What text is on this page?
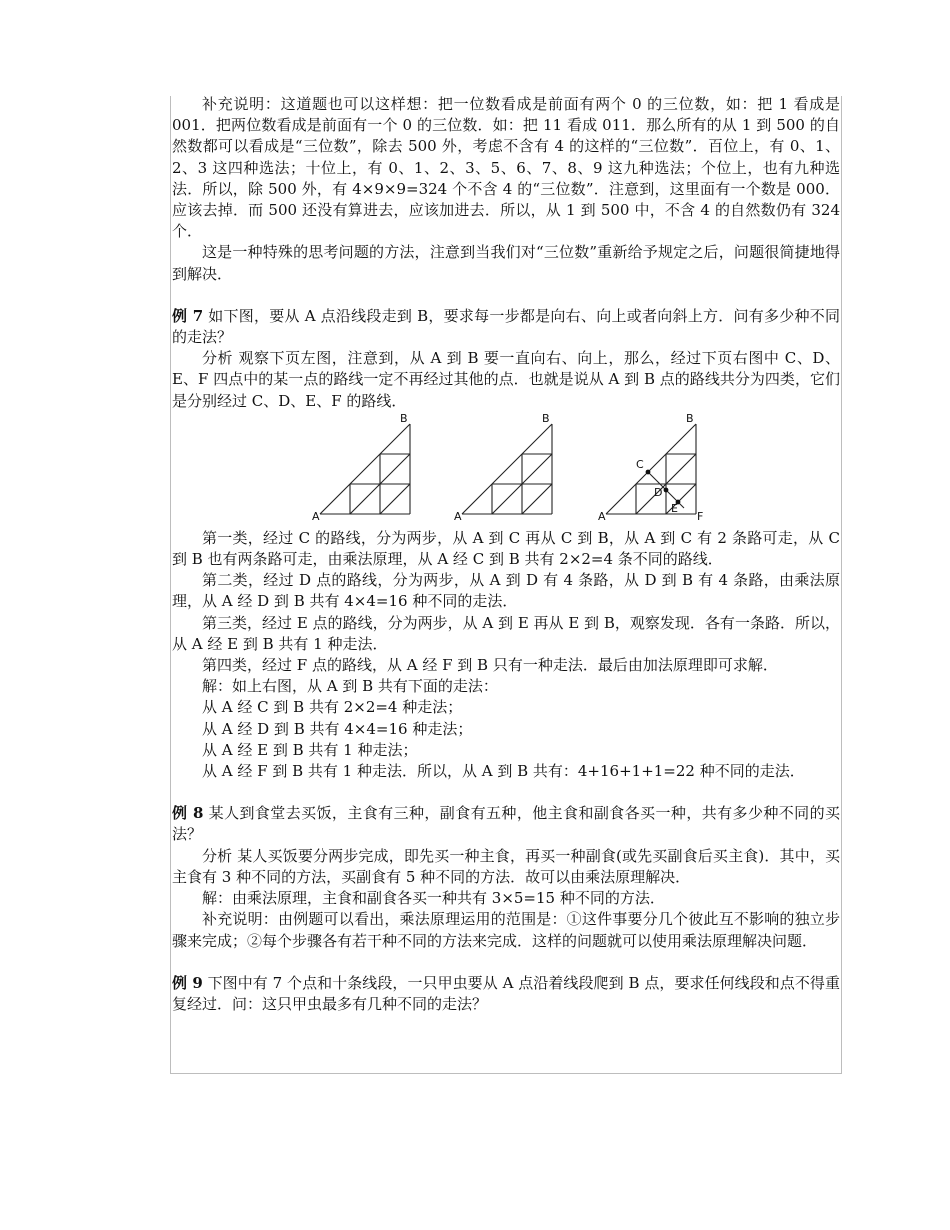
补充说明：这道题也可以这样想：把一位数看成是前面有两个 0 的三位数，如：把 1 看成是 001．把两位数看成是前面有一个 0 的三位数．如：把 11 看成 011．那么所有的从 1 到 500 的自然数都可以看成是“三位数”，除去 500 外，考虑不含有 4 的这样的“三位数”．百位上，有 0、1、2、3 这四种选法；十位上，有 0、1、2、3、5、6、7、8、9 这九种选法；个位上，也有九种选法．所以，除 500 外，有 4×9×9=324 个不含 4 的“三位数”．注意到，这里面有一个数是 000．应该去掉．而 500 还没有算进去，应该加进去．所以，从 1 到 500 中，不含 4 的自然数仍有 324 个．

这是一种特殊的思考问题的方法，注意到当我们对“三位数”重新给予规定之后，问题很简捷地得到解决．

例 7 如下图，要从 A 点沿线段走到 B，要求每一步都是向右、向上或者向斜上方．问有多少种不同的走法？

分析 观察下页左图，注意到，从 A 到 B 要一直向右、向上，那么，经过下页右图中 C、D、E、F 四点中的某一点的路线一定不再经过其他的点．也就是说从 A 到 B 点的路线共分为四类，它们是分别经过 C、D、E、F 的路线．

A
B
A
B
A
B
C
D
E
F

第一类，经过 C 的路线，分为两步，从 A 到 C 再从 C 到 B，从 A 到 C 有 2 条路可走，从 C 到 B 也有两条路可走，由乘法原理，从 A 经 C 到 B 共有 2×2=4 条不同的路线．

第二类，经过 D 点的路线，分为两步，从 A 到 D 有 4 条路，从 D 到 B 有 4 条路，由乘法原理，从 A 经 D 到 B 共有 4×4=16 种不同的走法．

第三类，经过 E 点的路线，分为两步，从 A 到 E 再从 E 到 B，观察发现．各有一条路．所以，从 A 经 E 到 B 共有 1 种走法．

第四类，经过 F 点的路线，从 A 经 F 到 B 只有一种走法．最后由加法原理即可求解．

解：如上右图，从 A 到 B 共有下面的走法：

从 A 经 C 到 B 共有 2×2=4 种走法；

从 A 经 D 到 B 共有 4×4=16 种走法；

从 A 经 E 到 B 共有 1 种走法；

从 A 经 F 到 B 共有 1 种走法．所以，从 A 到 B 共有：4+16+1+1=22 种不同的走法．

例 8 某人到食堂去买饭，主食有三种，副食有五种，他主食和副食各买一种，共有多少种不同的买法？

分析 某人买饭要分两步完成，即先买一种主食，再买一种副食(或先买副食后买主食)．其中，买主食有 3 种不同的方法，买副食有 5 种不同的方法．故可以由乘法原理解决．

解：由乘法原理，主食和副食各买一种共有 3×5=15 种不同的方法．

补充说明：由例题可以看出，乘法原理运用的范围是：①这件事要分几个彼此互不影响的独立步骤来完成；②每个步骤各有若干种不同的方法来完成．这样的问题就可以使用乘法原理解决问题．

例 9 下图中有 7 个点和十条线段，一只甲虫要从 A 点沿着线段爬到 B 点，要求任何线段和点不得重复经过．问：这只甲虫最多有几种不同的走法？
